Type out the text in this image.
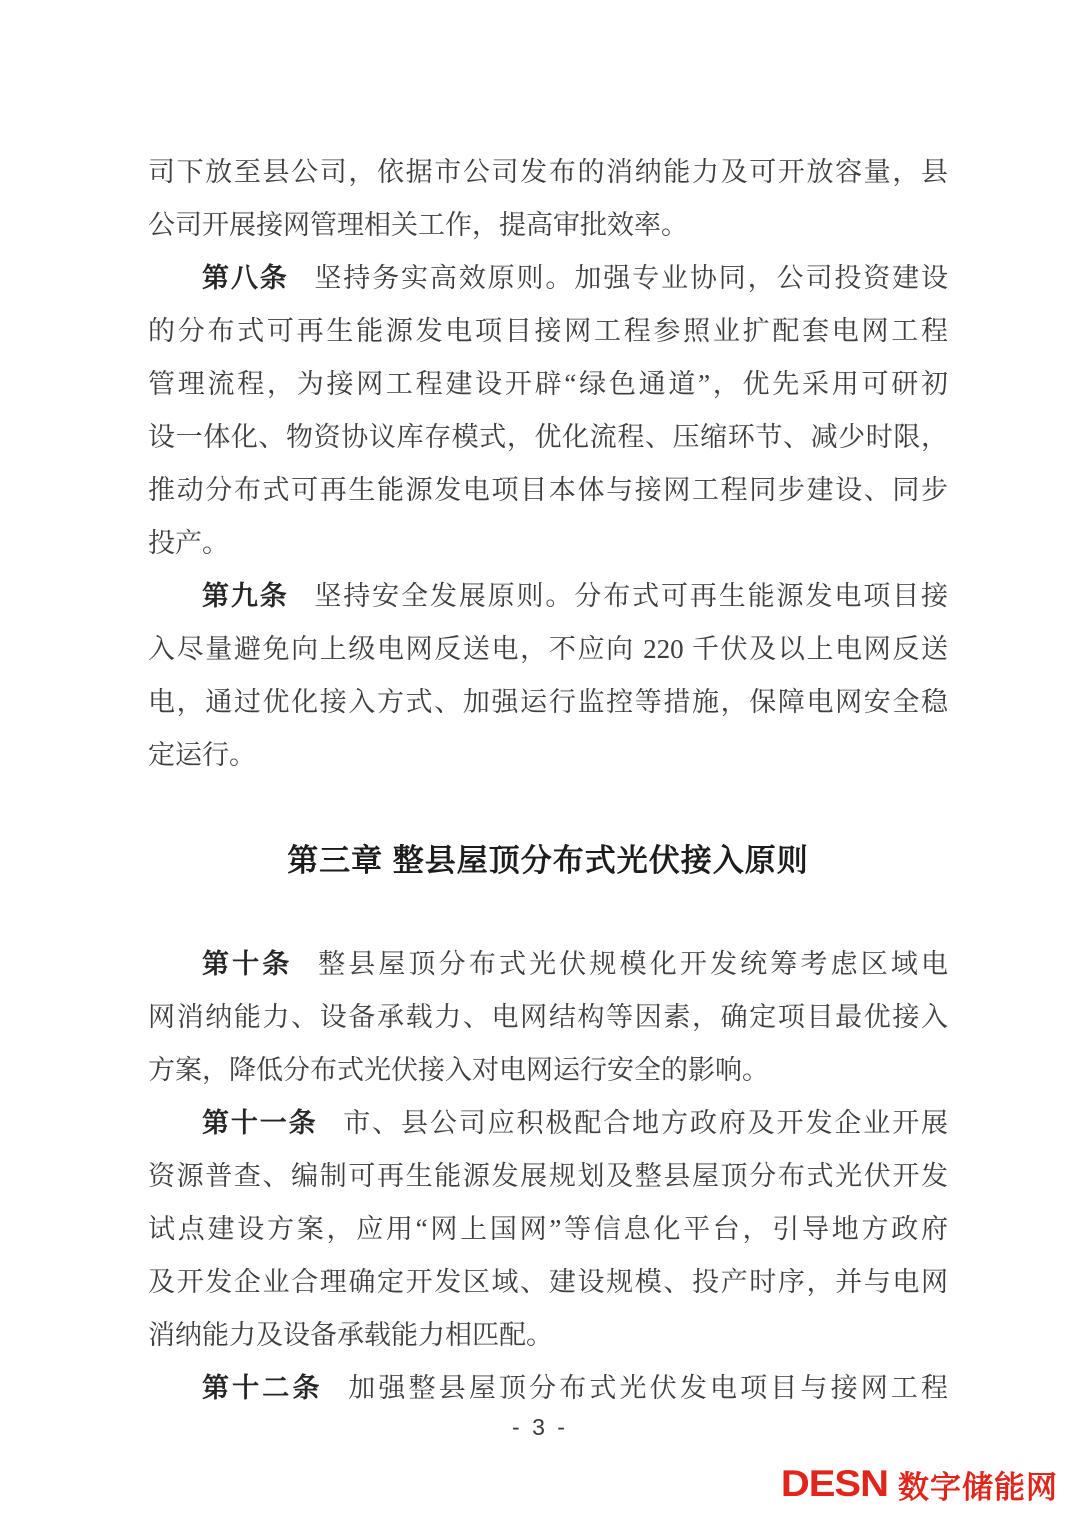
司下放至县公司，依据市公司发布的消纳能力及可开放容量，县
公司开展接网管理相关工作，提高审批效率。
第八条 坚持务实高效原则。加强专业协同，公司投资建设
的分布式可再生能源发电项目接网工程参照业扩配套电网工程
管理流程，为接网工程建设开辟“绿色通道”，优先采用可研初
设一体化、物资协议库存模式，优化流程、压缩环节、减少时限，
推动分布式可再生能源发电项目本体与接网工程同步建设、同步
投产。
第九条 坚持安全发展原则。分布式可再生能源发电项目接
入尽量避免向上级电网反送电，不应向 220 千伏及以上电网反送
电，通过优化接入方式、加强运行监控等措施，保障电网安全稳
定运行。
第三章 整县屋顶分布式光伏接入原则
第十条 整县屋顶分布式光伏规模化开发统筹考虑区域电
网消纳能力、设备承载力、电网结构等因素，确定项目最优接入
方案，降低分布式光伏接入对电网运行安全的影响。
第十一条 市、县公司应积极配合地方政府及开发企业开展
资源普查、编制可再生能源发展规划及整县屋顶分布式光伏开发
试点建设方案，应用“网上国网”等信息化平台，引导地方政府
及开发企业合理确定开发区域、建设规模、投产时序，并与电网
消纳能力及设备承载能力相匹配。
第十二条 加强整县屋顶分布式光伏发电项目与接网工程
- 3 -
DESN 数字储能网
